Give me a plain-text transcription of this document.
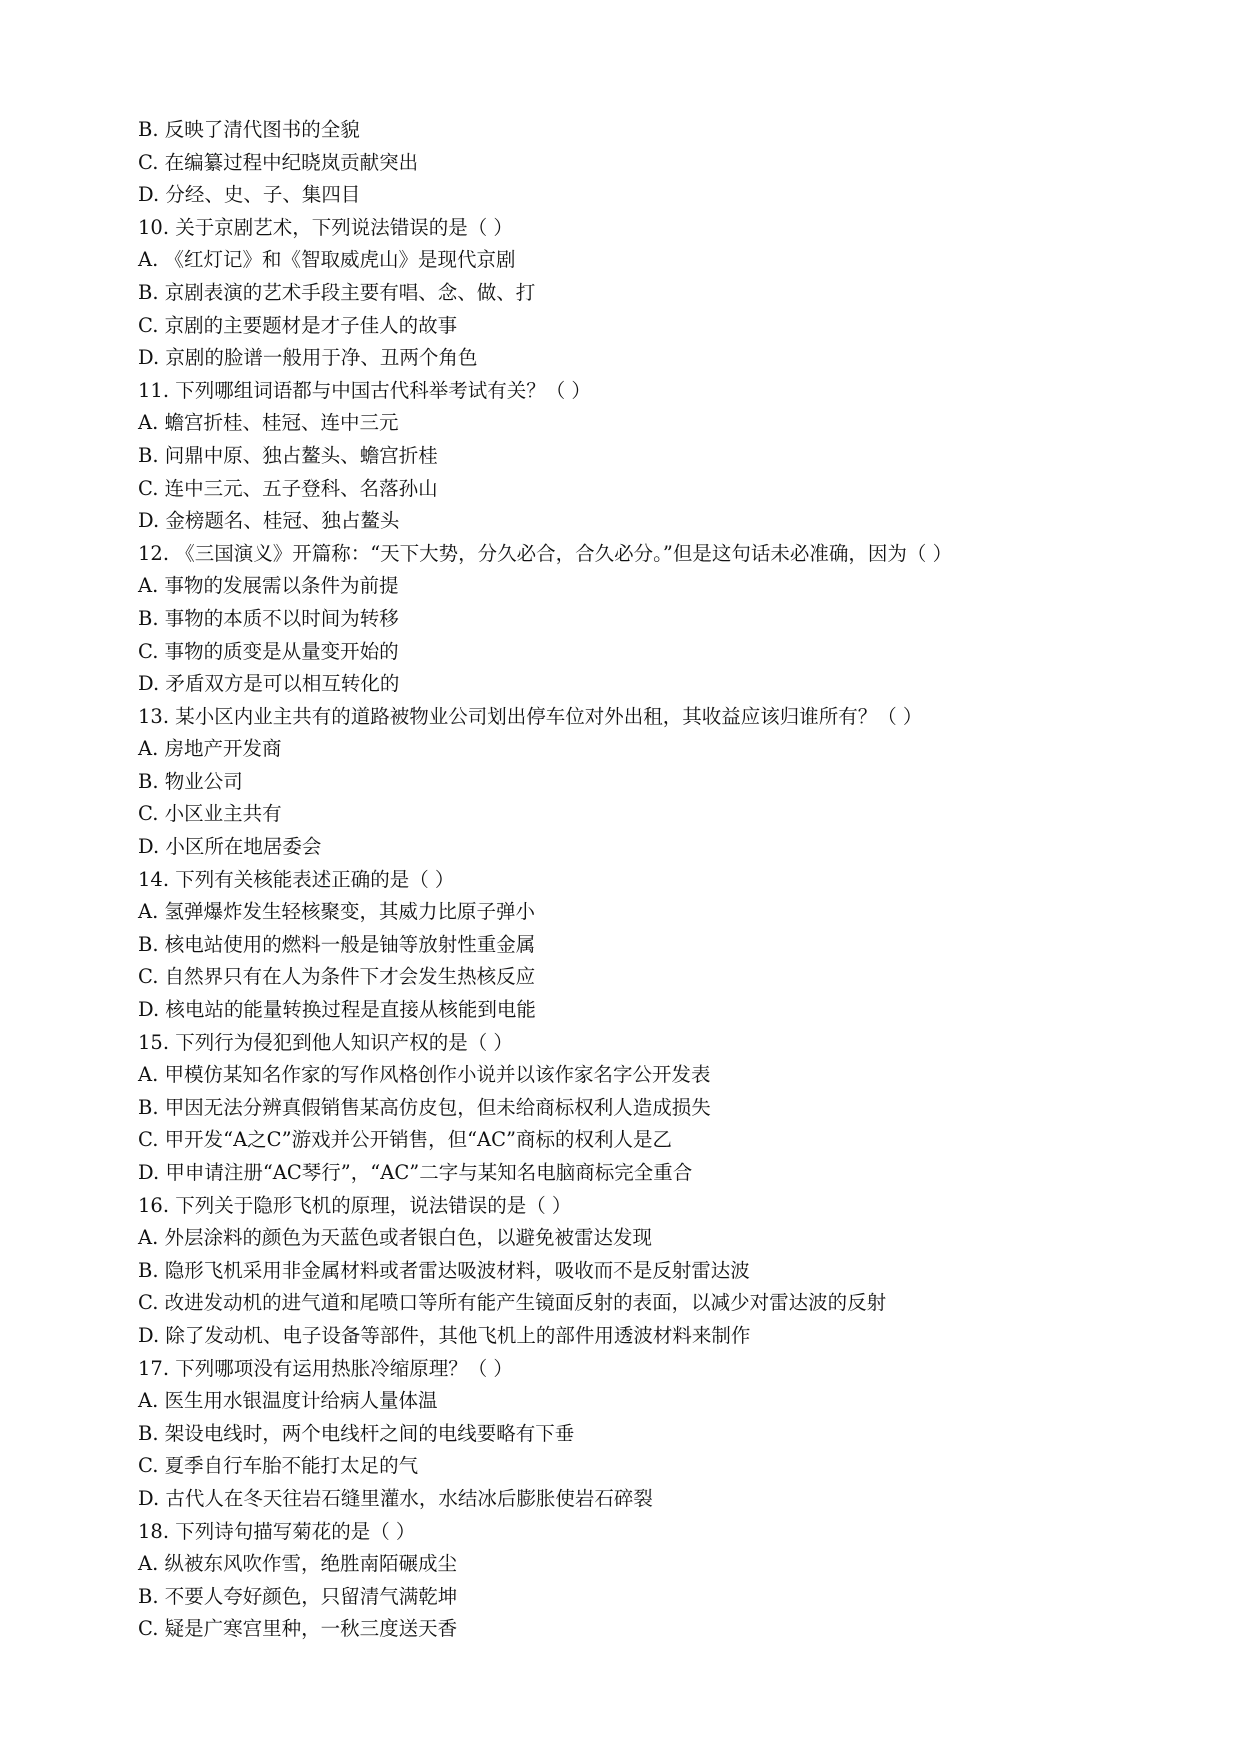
B. 反映了清代图书的全貌
C. 在编纂过程中纪晓岚贡献突出
D. 分经、史、子、集四目
10. 关于京剧艺术，下列说法错误的是（ ）
A. 《红灯记》和《智取威虎山》是现代京剧
B. 京剧表演的艺术手段主要有唱、念、做、打
C. 京剧的主要题材是才子佳人的故事
D. 京剧的脸谱一般用于净、丑两个角色
11. 下列哪组词语都与中国古代科举考试有关？（ ）
A. 蟾宫折桂、桂冠、连中三元
B. 问鼎中原、独占鳌头、蟾宫折桂
C. 连中三元、五子登科、名落孙山
D. 金榜题名、桂冠、独占鳌头
12. 《三国演义》开篇称：“天下大势，分久必合，合久必分。”但是这句话未必准确，因为（ ）
A. 事物的发展需以条件为前提
B. 事物的本质不以时间为转移
C. 事物的质变是从量变开始的
D. 矛盾双方是可以相互转化的
13. 某小区内业主共有的道路被物业公司划出停车位对外出租，其收益应该归谁所有？（ ）
A. 房地产开发商
B. 物业公司
C. 小区业主共有
D. 小区所在地居委会
14. 下列有关核能表述正确的是（ ）
A. 氢弹爆炸发生轻核聚变，其威力比原子弹小
B. 核电站使用的燃料一般是铀等放射性重金属
C. 自然界只有在人为条件下才会发生热核反应
D. 核电站的能量转换过程是直接从核能到电能
15. 下列行为侵犯到他人知识产权的是（ ）
A. 甲模仿某知名作家的写作风格创作小说并以该作家名字公开发表
B. 甲因无法分辨真假销售某高仿皮包，但未给商标权利人造成损失
C. 甲开发“A之C”游戏并公开销售，但“AC”商标的权利人是乙
D. 甲申请注册“AC琴行”，“AC”二字与某知名电脑商标完全重合
16. 下列关于隐形飞机的原理，说法错误的是（ ）
A. 外层涂料的颜色为天蓝色或者银白色，以避免被雷达发现
B. 隐形飞机采用非金属材料或者雷达吸波材料，吸收而不是反射雷达波
C. 改进发动机的进气道和尾喷口等所有能产生镜面反射的表面，以减少对雷达波的反射
D. 除了发动机、电子设备等部件，其他飞机上的部件用透波材料来制作
17. 下列哪项没有运用热胀冷缩原理？（ ）
A. 医生用水银温度计给病人量体温
B. 架设电线时，两个电线杆之间的电线要略有下垂
C. 夏季自行车胎不能打太足的气
D. 古代人在冬天往岩石缝里灌水，水结冰后膨胀使岩石碎裂
18. 下列诗句描写菊花的是（ ）
A. 纵被东风吹作雪，绝胜南陌碾成尘
B. 不要人夸好颜色，只留清气满乾坤
C. 疑是广寒宫里种，一秋三度送天香
